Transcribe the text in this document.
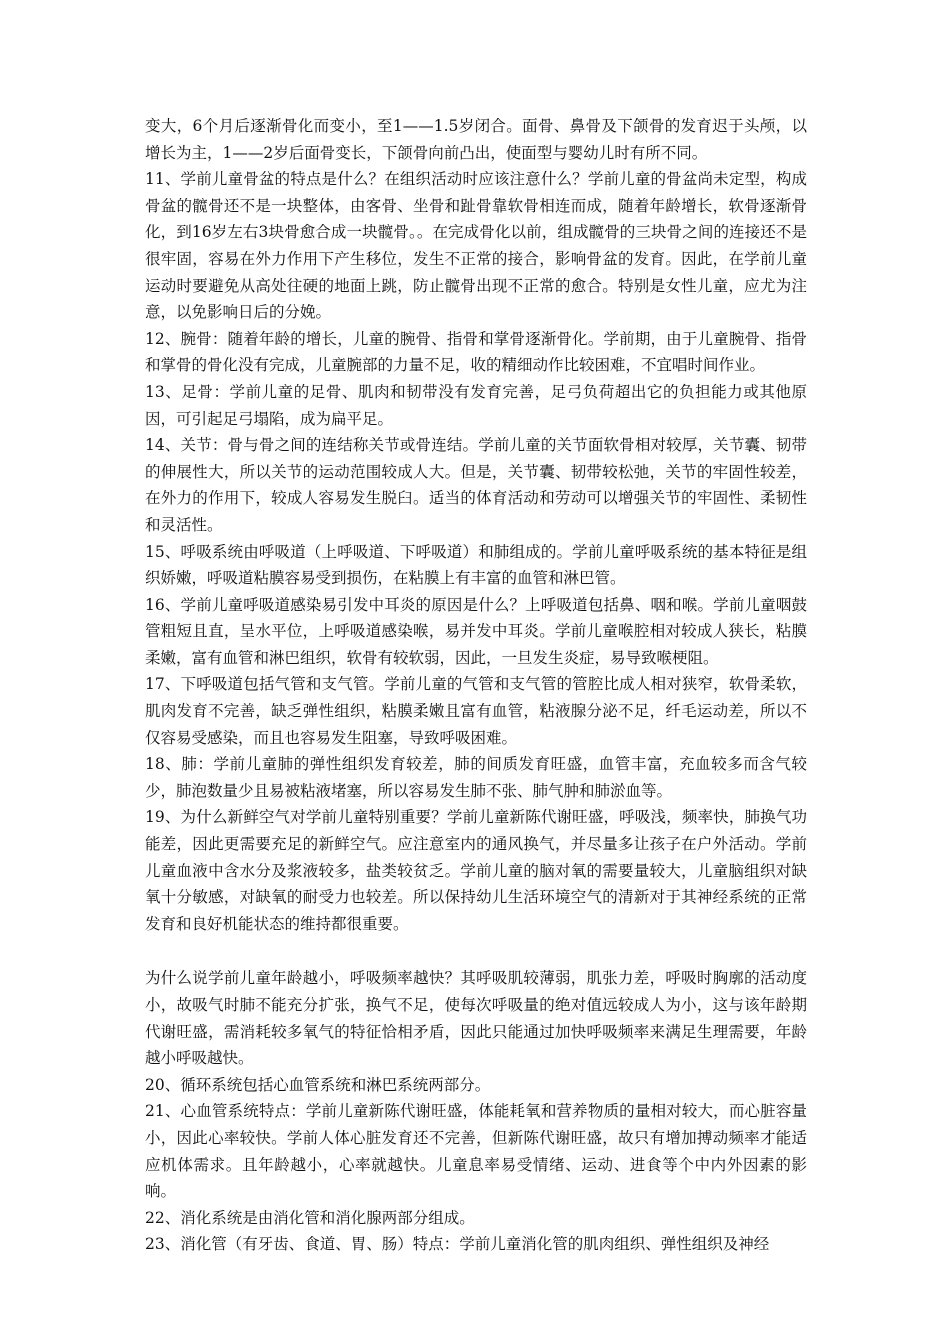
变大，6个月后逐渐骨化而变小，至1——1.5岁闭合。面骨、鼻骨及下颌骨的发育迟于头颅，以增长为主，1——2岁后面骨变长，下颌骨向前凸出，使面型与婴幼儿时有所不同。

11、学前儿童骨盆的特点是什么？在组织活动时应该注意什么？学前儿童的骨盆尚未定型，构成骨盆的髋骨还不是一块整体，由客骨、坐骨和趾骨靠软骨相连而成，随着年龄增长，软骨逐渐骨化，到16岁左右3块骨愈合成一块髋骨。。在完成骨化以前，组成髋骨的三块骨之间的连接还不是很牢固，容易在外力作用下产生移位，发生不正常的接合，影响骨盆的发育。因此，在学前儿童运动时要避免从高处往硬的地面上跳，防止髋骨出现不正常的愈合。特别是女性儿童，应尤为注意，以免影响日后的分娩。

12、腕骨：随着年龄的增长，儿童的腕骨、指骨和掌骨逐渐骨化。学前期，由于儿童腕骨、指骨和掌骨的骨化没有完成，儿童腕部的力量不足，收的精细动作比较困难，不宜唱时间作业。

13、足骨：学前儿童的足骨、肌肉和韧带没有发育完善，足弓负荷超出它的负担能力或其他原因，可引起足弓塌陷，成为扁平足。

14、关节：骨与骨之间的连结称关节或骨连结。学前儿童的关节面软骨相对较厚，关节囊、韧带的伸展性大，所以关节的运动范围较成人大。但是，关节囊、韧带较松弛，关节的牢固性较差，在外力的作用下，较成人容易发生脱臼。适当的体育活动和劳动可以增强关节的牢固性、柔韧性和灵活性。

15、呼吸系统由呼吸道（上呼吸道、下呼吸道）和肺组成的。学前儿童呼吸系统的基本特征是组织娇嫩，呼吸道粘膜容易受到损伤，在粘膜上有丰富的血管和淋巴管。

16、学前儿童呼吸道感染易引发中耳炎的原因是什么？上呼吸道包括鼻、咽和喉。学前儿童咽鼓管粗短且直，呈水平位，上呼吸道感染喉，易并发中耳炎。学前儿童喉腔相对较成人狭长，粘膜柔嫩，富有血管和淋巴组织，软骨有较软弱，因此，一旦发生炎症，易导致喉梗阻。

17、下呼吸道包括气管和支气管。学前儿童的气管和支气管的管腔比成人相对狭窄，软骨柔软，肌肉发育不完善，缺乏弹性组织，粘膜柔嫩且富有血管，粘液腺分泌不足，纤毛运动差，所以不仅容易受感染，而且也容易发生阻塞，导致呼吸困难。

18、肺：学前儿童肺的弹性组织发育较差，肺的间质发育旺盛，血管丰富，充血较多而含气较少，肺泡数量少且易被粘液堵塞，所以容易发生肺不张、肺气肿和肺淤血等。

19、为什么新鲜空气对学前儿童特别重要？学前儿童新陈代谢旺盛，呼吸浅，频率快，肺换气功能差，因此更需要充足的新鲜空气。应注意室内的通风换气，并尽量多让孩子在户外活动。学前儿童血液中含水分及浆液较多，盐类较贫乏。学前儿童的脑对氧的需要量较大，儿童脑组织对缺氧十分敏感，对缺氧的耐受力也较差。所以保持幼儿生活环境空气的清新对于其神经系统的正常发育和良好机能状态的维持都很重要。

为什么说学前儿童年龄越小，呼吸频率越快？其呼吸肌较薄弱，肌张力差，呼吸时胸廓的活动度小，故吸气时肺不能充分扩张，换气不足，使每次呼吸量的绝对值远较成人为小，这与该年龄期代谢旺盛，需消耗较多氧气的特征恰相矛盾，因此只能通过加快呼吸频率来满足生理需要，年龄越小呼吸越快。

20、循环系统包括心血管系统和淋巴系统两部分。

21、心血管系统特点：学前儿童新陈代谢旺盛，体能耗氧和营养物质的量相对较大，而心脏容量小，因此心率较快。学前人体心脏发育还不完善，但新陈代谢旺盛，故只有增加搏动频率才能适应机体需求。且年龄越小，心率就越快。儿童息率易受情绪、运动、进食等个中内外因素的影响。

22、消化系统是由消化管和消化腺两部分组成。

23、消化管（有牙齿、食道、胃、肠）特点：学前儿童消化管的肌肉组织、弹性组织及神经
